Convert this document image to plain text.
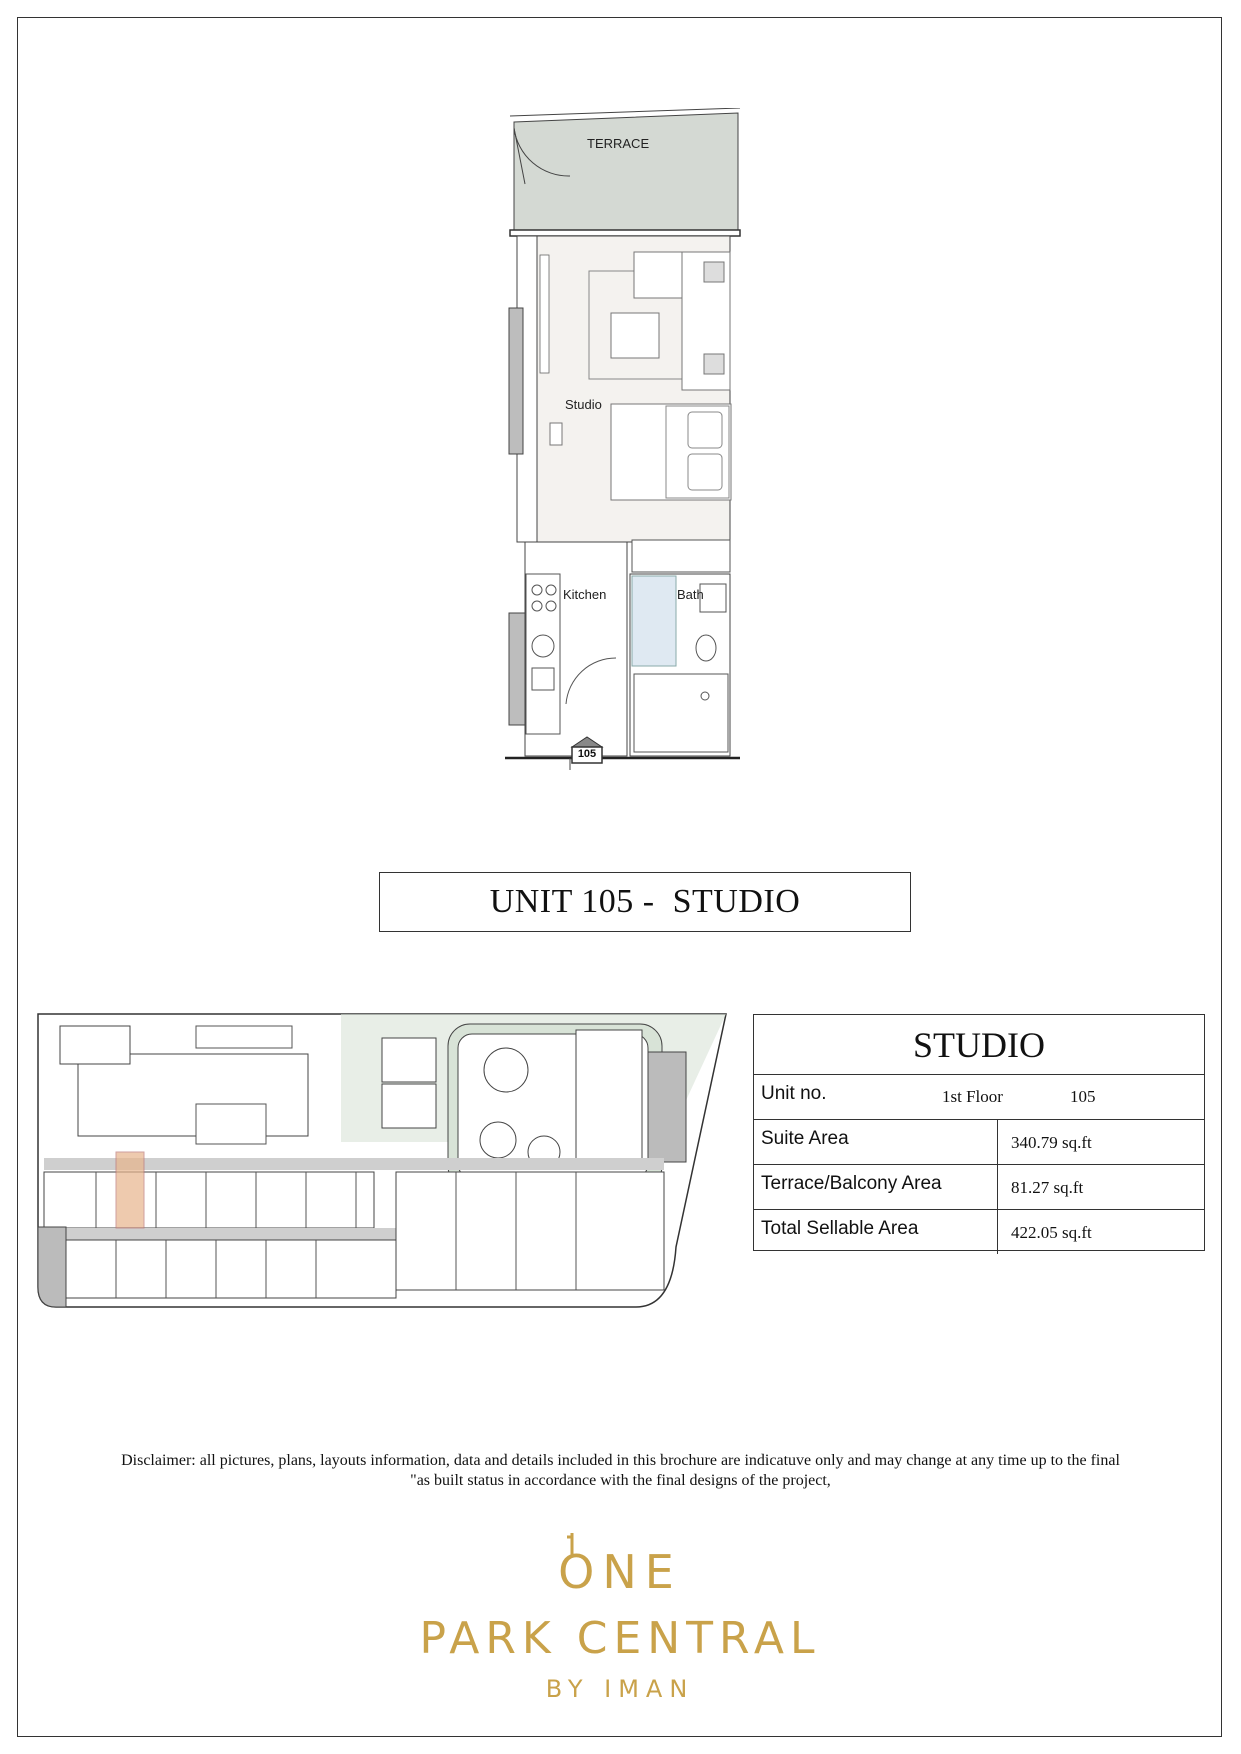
TERRACE
Studio
Kitchen	Bath
105
UNIT 105 -  STUDIO
STUDIO
Unit no.	1st Floor	105
Suite Area	340.79 sq.ft
Terrace/Balcony Area	81.27 sq.ft
Total Sellable Area	422.05 sq.ft
Disclaimer: all pictures, plans, layouts information, data and details included in this brochure are indicatuve only and may change at any time up to the final
"as built status in accordance with the final designs of the project,
ONE
PARK CENTRAL
BY IMAN
